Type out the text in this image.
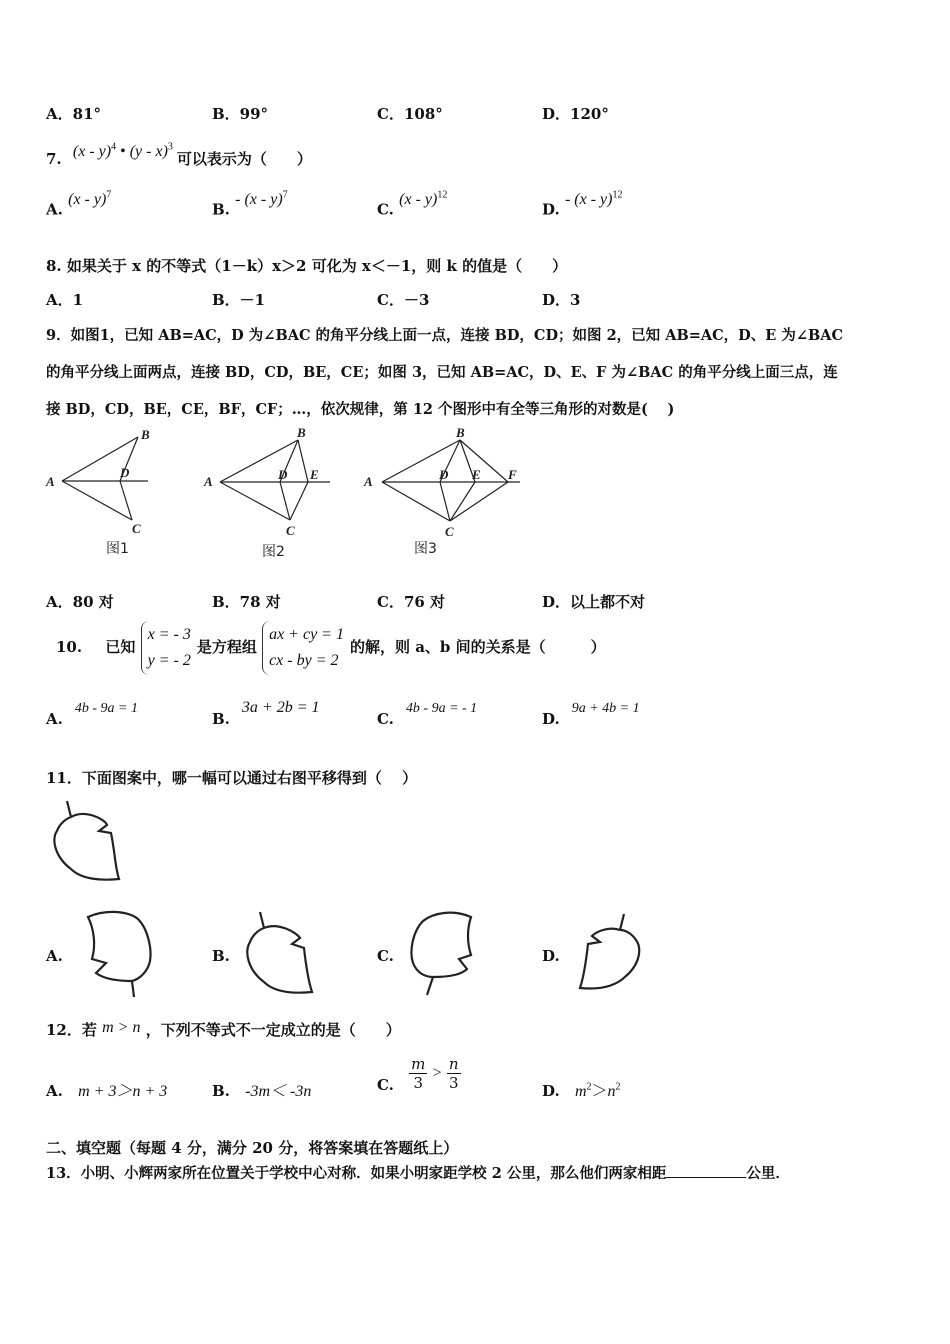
A．81°	B．99°	C．108°	D．120°
7. (x - y)$^4$ • (y - x)$^3$ 可以表示为（　　）
A. (x - y)$^7$
B. - (x - y)$^7$
C. (x - y)$^{12}$
D. - (x - y)$^{12}$
8. 如果关于 x 的不等式（1－k）x＞2 可化为 x＜－1，则 k 的值是（　　）
A．1	B．－1	C．－3	D．3
9．如图1，已知 AB=AC，D 为∠BAC 的角平分线上面一点，连接 BD，CD；如图 2，已知 AB=AC，D、E 为∠BAC
的角平分线上面两点，连接 BD，CD，BE，CE；如图 3，已知 AB=AC，D、E、F 为∠BAC 的角平分线上面三点，连
接 BD，CD，BE，CE，BF，CF；…，依次规律，第 12 个图形中有全等三角形的对数是(　 )
A
B
D
C
图1
A
B
D E
C
图2
A
B
D E F
C
图3
A．80 对	B．78 对	C．76 对	D．以上都不对
10. 已知
x = - 3
y = - 2
是方程组
ax + cy = 1
cx - by = 2
的解，则 a、b 间的关系是（　　　）
A.4b - 9a = 1
B.3a + 2b = 1
C.4b - 9a = - 1
D.9a + 4b = 1
11．下面图案中，哪一幅可以通过右图平移得到（　 ）
A.	B.	C.	D.
12．若 m > n ，下列不等式不一定成立的是（　　）
A. m + 3＞n + 3	B. -3m＜ -3n	C. $\frac{m}{3} > \frac{n}{3}$	D. $m^2>n^2$
二、填空题（每题 4 分，满分 20 分，将答案填在答题纸上）
13．小明、小辉两家所在位置关于学校中心对称．如果小明家距学校 2 公里，那么他们两家相距	公里．
